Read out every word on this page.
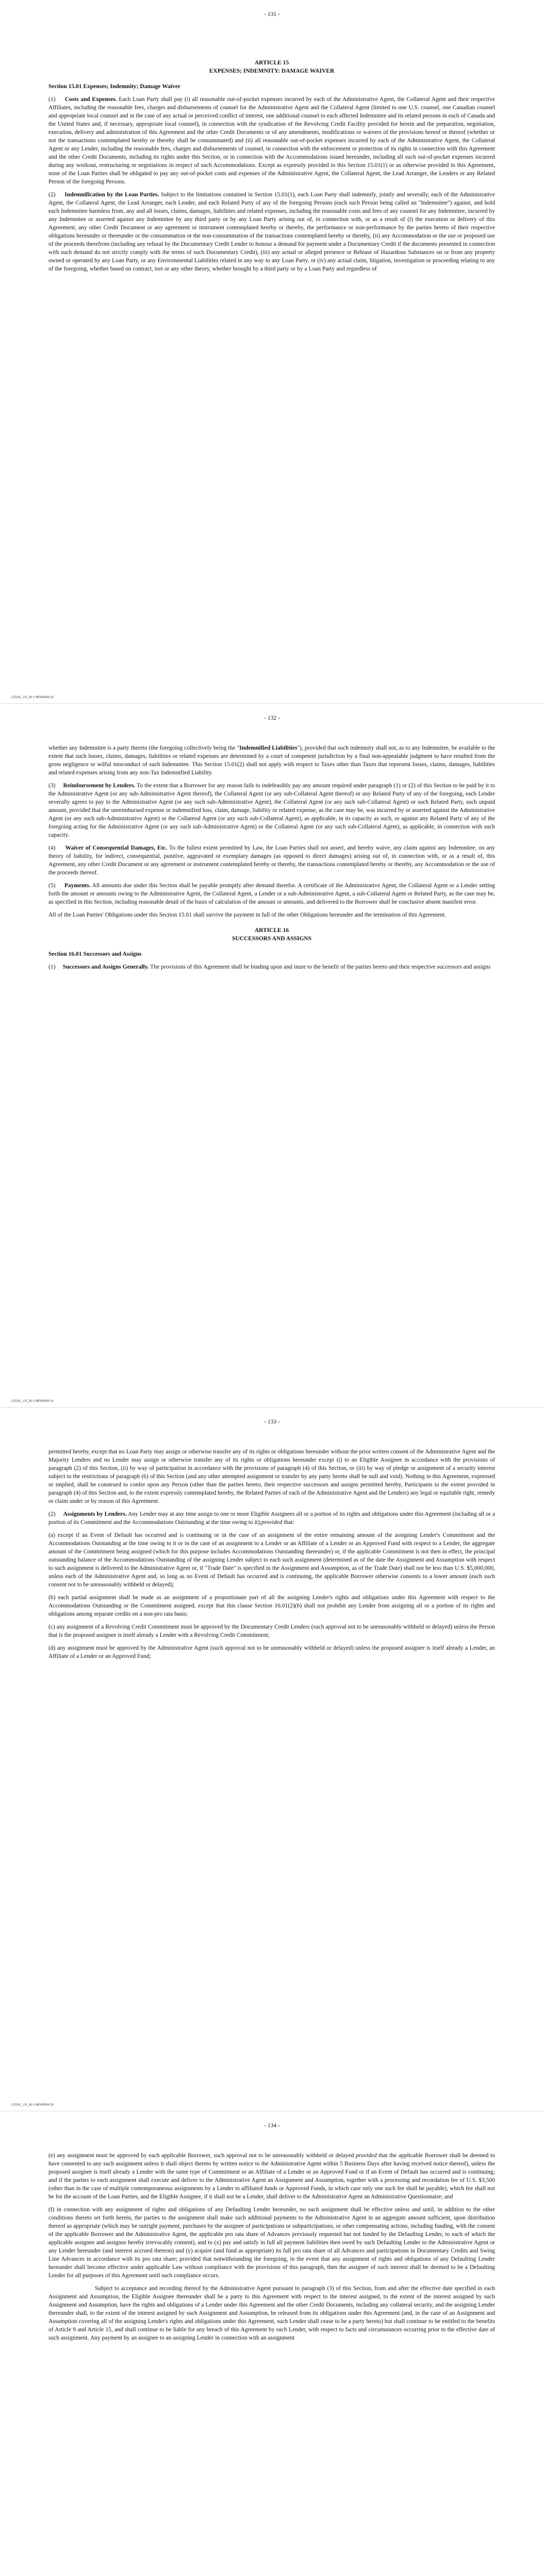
- 131 -

ARTICLE 15

EXPENSES; INDEMNITY: DAMAGE WAIVER

Section 15.01 Expenses; Indemnity; Damage Waiver

(1) Costs and Expenses. Each Loan Party shall pay (i) all reasonable out-of-pocket expenses incurred by each of the Administrative Agent, the Collateral Agent and their respective Affiliates, including the reasonable fees, charges and disbursements of counsel for the Administrative Agent and the Collateral Agent (limited to one U.S. counsel, one Canadian counsel and appropriate local counsel and in the case of any actual or perceived conflict of interest, one additional counsel to each affected Indemnitee and its related persons in each of Canada and the United States and, if necessary, appropriate local counsel), in connection with the syndication of the Revolving Credit Facility provided for herein and the preparation, negotiation, execution, delivery and administration of this Agreement and the other Credit Documents or of any amendments, modifications or waivers of the provisions hereof or thereof (whether or not the transactions contemplated hereby or thereby shall be consummated) and (ii) all reasonable out-of-pocket expenses incurred by each of the Administrative Agent, the Collateral Agent or any Lender, including the reasonable fees, charges and disbursements of counsel, in connection with the enforcement or protection of its rights in connection with this Agreement and the other Credit Documents, including its rights under this Section, or in connection with the Accommodations issued hereunder, including all such out-of-pocket expenses incurred during any workout, restructuring or negotiations in respect of such Accommodations. Except as expressly provided in this Section 15.01(1) or as otherwise provided in this Agreement, none of the Loan Parties shall be obligated to pay any out-of-pocket costs and expenses of the Administrative Agent, the Collateral Agent, the Lead Arranger, the Lenders or any Related Person of the foregoing Persons.

(2) Indemnification by the Loan Parties. Subject to the limitations contained in Section 15.01(1), each Loan Party shall indemnify, jointly and severally, each of the Administrative Agent, the Collateral Agent, the Lead Arranger, each Lender, and each Related Party of any of the foregoing Persons (each such Person being called an "Indemnitee") against, and hold each Indemnitee harmless from, any and all losses, claims, damages, liabilities and related expenses, including the reasonable costs and fees of any counsel for any Indemnitee, incurred by any Indemnitee or asserted against any Indemnitee by any third party or by any Loan Party arising out of, in connection with, or as a result of (i) the execution or delivery of this Agreement, any other Credit Document or any agreement or instrument contemplated hereby or thereby, the performance or non-performance by the parties hereto of their respective obligations hereunder or thereunder or the consummation or the non-consummation of the transactions contemplated hereby or thereby, (ii) any Accommodation or the use or proposed use of the proceeds therefrom (including any refusal by the Documentary Credit Lender to honour a demand for payment under a Documentary Credit if the documents presented in connection with such demand do not strictly comply with the terms of such Documentary Credit), (iii) any actual or alleged presence or Release of Hazardous Substances on or from any property owned or operated by any Loan Party, or any Environmental Liabilities related in any way to any Loan Party, or (iv) any actual claim, litigation, investigation or proceeding relating to any of the foregoing, whether based on contract, tort or any other theory, whether brought by a third party or by a Loan Party and regardless of

LEGAL_US_W # 96040894.16
- 132 -

whether any Indemnitee is a party thereto (the foregoing collectively being the "Indemnified Liabilities"), provided that such indemnity shall not, as to any Indemnitee, be available to the extent that such losses, claims, damages, liabilities or related expenses are determined by a court of competent jurisdiction by a final non-appealable judgment to have resulted from the gross negligence or wilful misconduct of such Indemnitee. This Section 15.01(2) shall not apply with respect to Taxes other than Taxes that represent losses, claims, damages, liabilities and related expenses arising from any non-Tax Indemnified Liability.

(3) Reimbursement by Lenders. To the extent that a Borrower for any reason fails to indefeasibly pay any amount required under paragraph (1) or (2) of this Section to be paid by it to the Administrative Agent (or any sub-Administrative Agent thereof), the Collateral Agent (or any sub-Collateral Agent thereof) or any Related Party of any of the foregoing, each Lender severally agrees to pay to the Administrative Agent (or any such sub-Administrative Agent), the Collateral Agent (or any such sub-Collateral Agent) or such Related Party, such unpaid amount, provided that the unreimbursed expense or indemnified loss, claim, damage, liability or related expense, as the case may be, was incurred by or asserted against the Administrative Agent (or any such sub-Administrative Agent) or the Collateral Agent (or any such sub-Collateral Agent), as applicable, in its capacity as such, or against any Related Party of any of the foregoing acting for the Administrative Agent (or any such sub-Administrative Agent) or the Collateral Agent (or any such sub-Collateral Agent), as applicable, in connection with such capacity.

(4) Waiver of Consequential Damages, Etc. To the fullest extent permitted by Law, the Loan Parties shall not assert, and hereby waive, any claim against any Indemnitee, on any theory of liability, for indirect, consequential, punitive, aggravated or exemplary damages (as opposed to direct damages) arising out of, in connection with, or as a result of, this Agreement, any other Credit Document or any agreement or instrument contemplated hereby or thereby, the transactions contemplated hereby or thereby, any Accommodation or the use of the proceeds thereof.

(5) Payments. All amounts due under this Section shall be payable promptly after demand therefor. A certificate of the Administrative Agent, the Collateral Agent or a Lender setting forth the amount or amounts owing to the Administrative Agent, the Collateral Agent, a Lender or a sub-Administrative Agent, a sub-Collateral Agent or Related Party, as the case may be, as specified in this Section, including reasonable detail of the basis of calculation of the amount or amounts, and delivered to the Borrower shall be conclusive absent manifest error.

All of the Loan Parties' Obligations under this Section 15.01 shall survive the payment in full of the other Obligations hereunder and the termination of this Agreement.

ARTICLE 16

SUCCESSORS AND ASSIGNS

Section 16.01 Successors and Assigns

(1) Successors and Assigns Generally. The provisions of this Agreement shall be binding upon and inure to the benefit of the parties hereto and their respective successors and assigns

LEGAL_US_W # 96040894.16
- 133 -

permitted hereby, except that no Loan Party may assign or otherwise transfer any of its rights or obligations hereunder without the prior written consent of the Administrative Agent and the Majority Lenders and no Lender may assign or otherwise transfer any of its rights or obligations hereunder except (i) to an Eligible Assignee in accordance with the provisions of paragraph (2) of this Section, (ii) by way of participation in accordance with the provisions of paragraph (4) of this Section, or (iii) by way of pledge or assignment of a security interest subject to the restrictions of paragraph (6) of this Section (and any other attempted assignment or transfer by any party hereto shall be null and void). Nothing in this Agreement, expressed or implied, shall be construed to confer upon any Person (other than the parties hereto, their respective successors and assigns permitted hereby, Participants to the extent provided in paragraph (4) of this Section and, to the extent expressly contemplated hereby, the Related Parties of each of the Administrative Agent and the Lenders) any legal or equitable right, remedy or claim under or by reason of this Agreement.

(2) Assignments by Lenders. Any Lender may at any time assign to one or more Eligible Assignees all or a portion of its rights and obligations under this Agreement (including all or a portion of its Commitment and the Accommodations Outstanding at the time owing to it);provided that:

(a) except if an Event of Default has occurred and is continuing or in the case of an assignment of the entire remaining amount of the assigning Lender's Commitment and the Accommodations Outstanding at the time owing to it or in the case of an assignment to a Lender or an Affiliate of a Lender or an Approved Fund with respect to a Lender, the aggregate amount of the Commitment being assigned (which for this purpose includes Accommodations Outstanding thereunder) or, if the applicable Commitment is not then in effect, the principal outstanding balance of the Accommodations Outstanding of the assigning Lender subject to each such assignment (determined as of the date the Assignment and Assumption with respect to such assignment is delivered to the Administrative Agent or, if "Trade Date" is specified in the Assignment and Assumption, as of the Trade Date) shall not be less than U.S. $5,000,000, unless each of the Administrative Agent and, so long as no Event of Default has occurred and is continuing, the applicable Borrower otherwise consents to a lower amount (each such consent not to be unreasonably withheld or delayed);

(b) each partial assignment shall be made as an assignment of a proportionate part of all the assigning Lender's rights and obligations under this Agreement with respect to the Accommodations Outstanding or the Commitment assigned, except that this clause Section 16.01(2)(b) shall not prohibit any Lender from assigning all or a portion of its rights and obligations among separate credits on a non-pro rata basis;

(c) any assignment of a Revolving Credit Commitment must be approved by the Documentary Credit Lenders (such approval not to be unreasonably withheld or delayed) unless the Person that is the proposed assignee is itself already a Lender with a Revolving Credit Commitment;

(d) any assignment must be approved by the Administrative Agent (such approval not to be unreasonably withheld or delayed) unless the proposed assignee is itself already a Lender, an Affiliate of a Lender or an Approved Fund;

LEGAL_US_W # 96040894.16
- 134 -

(e) any assignment must be approved by each applicable Borrower, such approval not to be unreasonably withheld or delayed provided that the applicable Borrower shall be deemed to have consented to any such assignment unless it shall object thereto by written notice to the Administrative Agent within 5 Business Days after having received notice thereof), unless the proposed assignee is itself already a Lender with the same type of Commitment or an Affiliate of a Lender or an Approved Fund or if an Event of Default has occurred and is continuing; and if the parties to each assignment shall execute and deliver to the Administrative Agent an Assignment and Assumption, together with a processing and recordation fee of U.S. $3,500 (other than in the case of multiple contemporaneous assignments by a Lender to affiliated funds or Approved Funds, in which case only one such fee shall be payable), which fee shall not be for the account of the Loan Parties, and the Eligible Assignee, if it shall not be a Lender, shall deliver to the Administrative Agent an Administrative Questionnaire; and

(f) in connection with any assignment of rights and obligations of any Defaulting Lender hereunder, no such assignment shall be effective unless and until, in addition to the other conditions thereto set forth herein, the parties to the assignment shall make such additional payments to the Administrative Agent in an aggregate amount sufficient, upon distribution thereof as appropriate (which may be outright payment, purchases by the assignee of participations or subparticipations, or other compensating actions, including funding, with the consent of the applicable Borrower and the Administrative Agent, the applicable pro rata share of Advances previously requested but not funded by the Defaulting Lender, to each of which the applicable assignee and assignor hereby irrevocably consent), and to (x) pay and satisfy in full all payment liabilities then owed by such Defaulting Lender to the Administrative Agent or any Lender hereunder (and interest accrued thereon) and (y) acquire (and fund as appropriate) its full pro rata share of all Advances and participations in Documentary Credits and Swing Line Advances in accordance with its pro rata share; provided that notwithstanding the foregoing, in the event that any assignment of rights and obligations of any Defaulting Lender hereunder shall become effective under applicable Law without compliance with the provisions of this paragraph, then the assignee of such interest shall be deemed to be a Defaulting Lender for all purposes of this Agreement until such compliance occurs.

Subject to acceptance and recording thereof by the Administrative Agent pursuant to paragraph (3) of this Section, from and after the effective date specified in each Assignment and Assumption, the Eligible Assignee thereunder shall be a party to this Agreement with respect to the interest assigned, to the extent of the interest assigned by such Assignment and Assumption, have the rights and obligations of a Lender under this Agreement and the other Credit Documents, including any collateral security, and the assigning Lender thereunder shall, to the extent of the interest assigned by such Assignment and Assumption, be released from its obligations under this Agreement (and, in the case of an Assignment and Assumption covering all of the assigning Lender's rights and obligations under this Agreement, such Lender shall cease to be a party hereto) but shall continue to be entitled to the benefits of Article 9 and Article 15, and shall continue to be liable for any breach of this Agreement by such Lender, with respect to facts and circumstances occurring prior to the effective date of such assignment. Any payment by an assignee to an assigning Lender in connection with an assignment
